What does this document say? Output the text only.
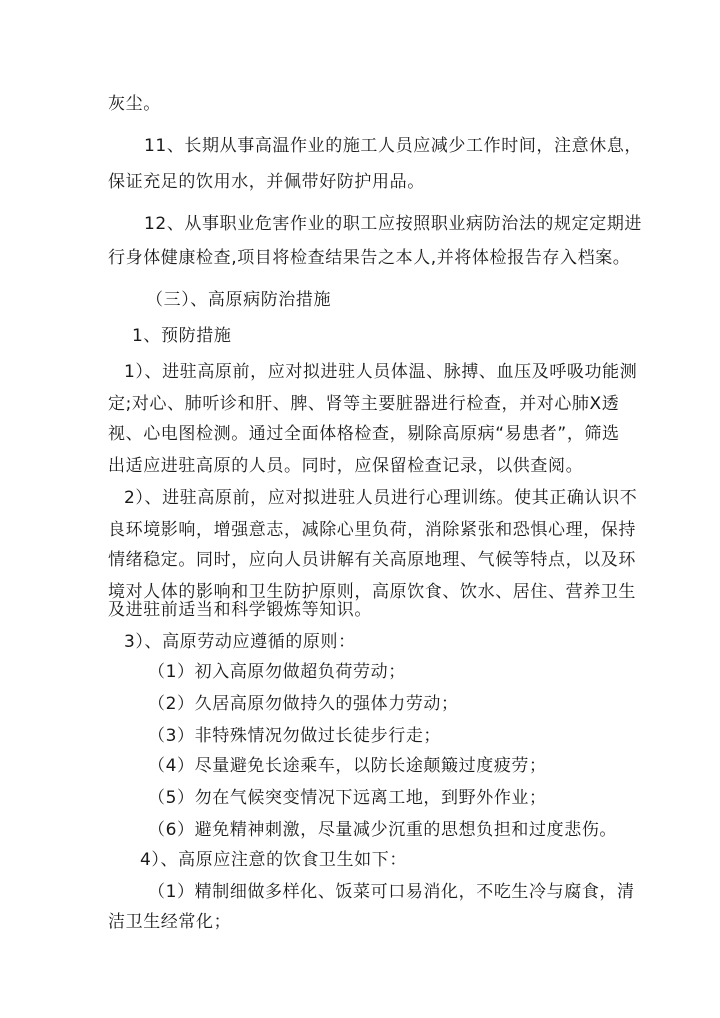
灰尘。
11、长期从事高温作业的施工人员应减少工作时间，注意休息，
保证充足的饮用水，并佩带好防护用品。
12、从事职业危害作业的职工应按照职业病防治法的规定定期进
行身体健康检查,项目将检查结果告之本人,并将体检报告存入档案。
（三）、高原病防治措施
1、预防措施
1）、进驻高原前，应对拟进驻人员体温、脉搏、血压及呼吸功能测
定;对心、肺听诊和肝、脾、肾等主要脏器进行检查，并对心肺X透
视、心电图检测。通过全面体格检查，剔除高原病“易患者”，筛选
出适应进驻高原的人员。同时，应保留检查记录，以供查阅。
2）、进驻高原前，应对拟进驻人员进行心理训练。使其正确认识不
良环境影响，增强意志，减除心里负荷，消除紧张和恐惧心理，保持
情绪稳定。同时，应向人员讲解有关高原地理、气候等特点，以及环
境对人体的影响和卫生防护原则，高原饮食、饮水、居住、营养卫生
及进驻前适当和科学锻炼等知识。
3）、高原劳动应遵循的原则：
（1）初入高原勿做超负荷劳动；
（2）久居高原勿做持久的强体力劳动；
（3）非特殊情况勿做过长徒步行走；
（4）尽量避免长途乘车，以防长途颠簸过度疲劳；
（5）勿在气候突变情况下远离工地，到野外作业；
（6）避免精神刺激，尽量减少沉重的思想负担和过度悲伤。
4）、高原应注意的饮食卫生如下：
（1）精制细做多样化、饭菜可口易消化，不吃生冷与腐食，清
洁卫生经常化；
